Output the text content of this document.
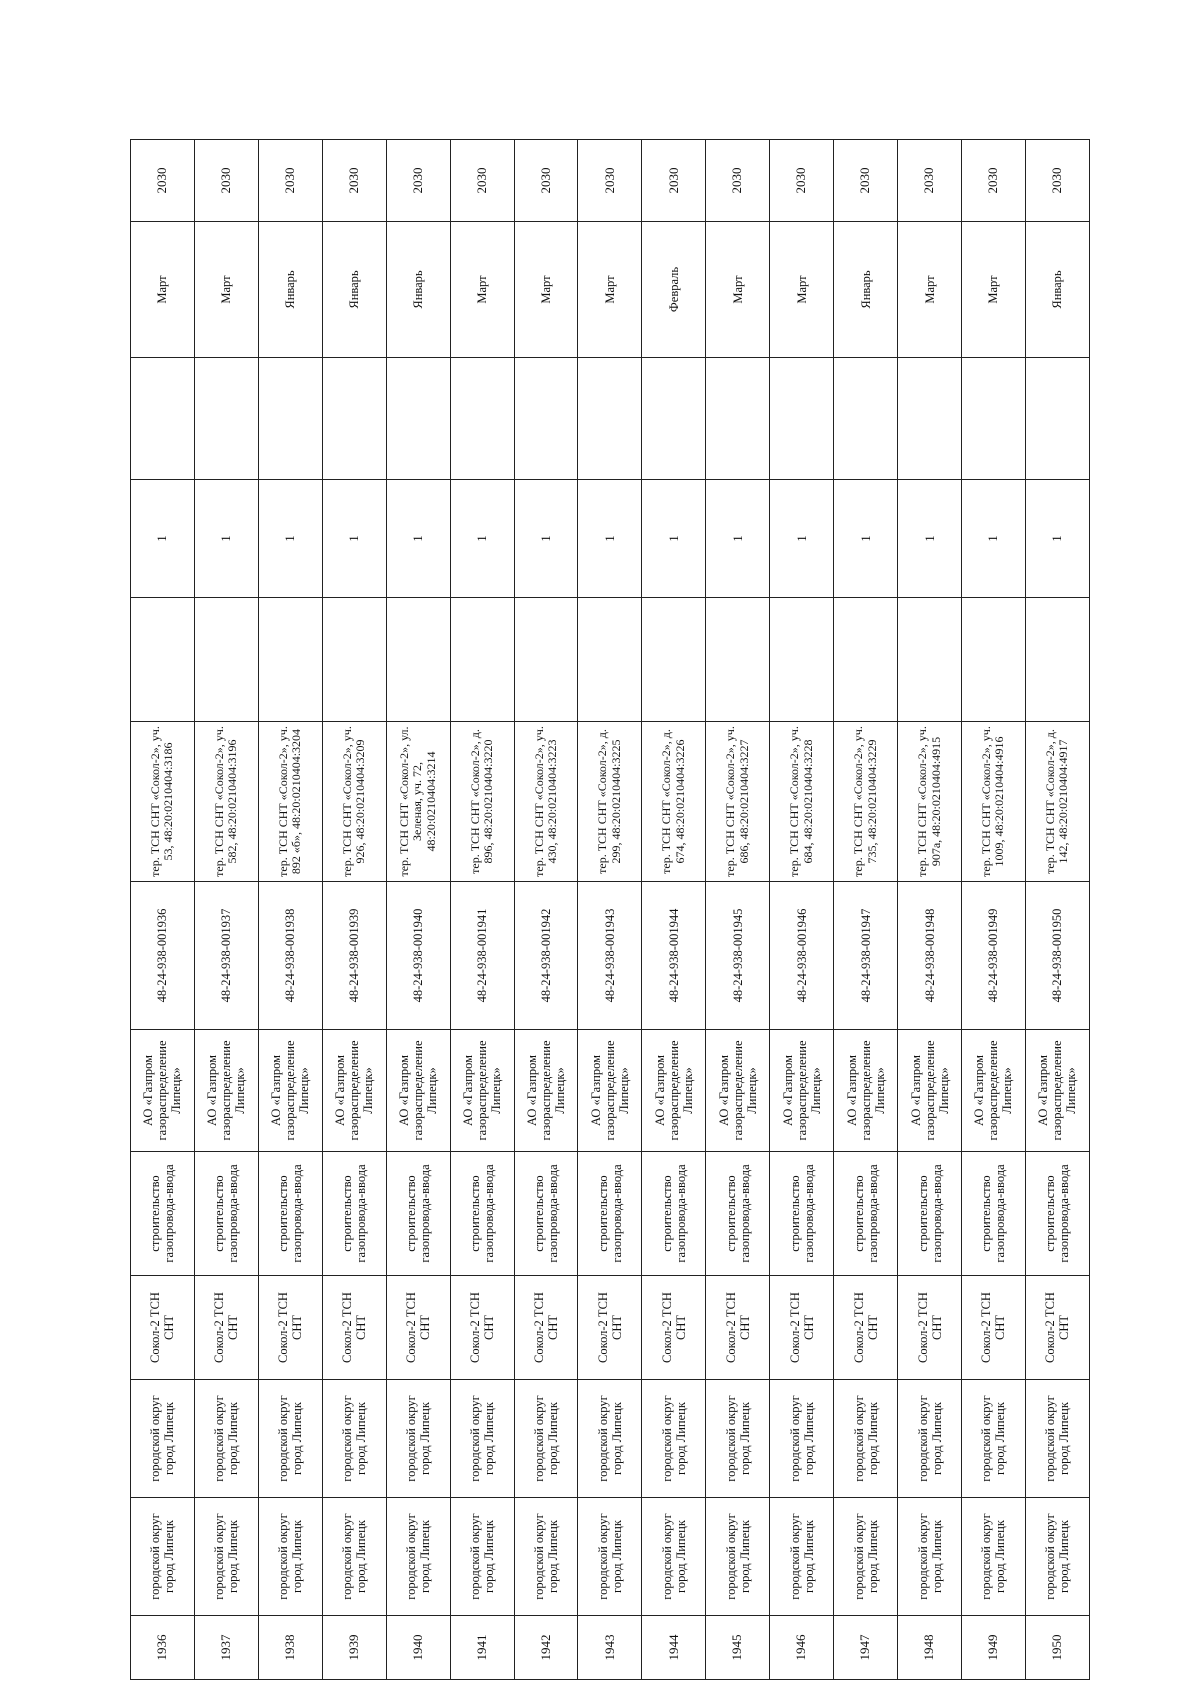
1936	городской округ город Липецк	городской округ город Липецк	Сокол-2 ТСН СНТ	строительство газопровода-ввода	АО «Газпром газораспределение Липецк»	48-24-938-001936	тер. ТСН СНТ «Сокол-2», уч. 53, 48:20:0210404:3186		1		Март	2030
1937	городской округ город Липецк	городской округ город Липецк	Сокол-2 ТСН СНТ	строительство газопровода-ввода	АО «Газпром газораспределение Липецк»	48-24-938-001937	тер. ТСН СНТ «Сокол-2», уч. 582, 48:20:0210404:3196		1		Март	2030
1938	городской округ город Липецк	городской округ город Липецк	Сокол-2 ТСН СНТ	строительство газопровода-ввода	АО «Газпром газораспределение Липецк»	48-24-938-001938	тер. ТСН СНТ «Сокол-2», уч. 892 «б», 48:20:0210404:3204		1		Январь	2030
1939	городской округ город Липецк	городской округ город Липецк	Сокол-2 ТСН СНТ	строительство газопровода-ввода	АО «Газпром газораспределение Липецк»	48-24-938-001939	тер. ТСН СНТ «Сокол-2», уч. 926, 48:20:0210404:3209		1		Январь	2030
1940	городской округ город Липецк	городской округ город Липецк	Сокол-2 ТСН СНТ	строительство газопровода-ввода	АО «Газпром газораспределение Липецк»	48-24-938-001940	тер. ТСН СНТ «Сокол-2», ул. Зеленая, уч. 72, 48:20:0210404:3214		1		Январь	2030
1941	городской округ город Липецк	городской округ город Липецк	Сокол-2 ТСН СНТ	строительство газопровода-ввода	АО «Газпром газораспределение Липецк»	48-24-938-001941	тер. ТСН СНТ «Сокол-2», д. 896, 48:20:0210404:3220		1		Март	2030
1942	городской округ город Липецк	городской округ город Липецк	Сокол-2 ТСН СНТ	строительство газопровода-ввода	АО «Газпром газораспределение Липецк»	48-24-938-001942	тер. ТСН СНТ «Сокол-2», уч. 430, 48:20:0210404:3223		1		Март	2030
1943	городской округ город Липецк	городской округ город Липецк	Сокол-2 ТСН СНТ	строительство газопровода-ввода	АО «Газпром газораспределение Липецк»	48-24-938-001943	тер. ТСН СНТ «Сокол-2», д. 299, 48:20:0210404:3225		1		Март	2030
1944	городской округ город Липецк	городской округ город Липецк	Сокол-2 ТСН СНТ	строительство газопровода-ввода	АО «Газпром газораспределение Липецк»	48-24-938-001944	тер. ТСН СНТ «Сокол-2», д. 674, 48:20:0210404:3226		1		Февраль	2030
1945	городской округ город Липецк	городской округ город Липецк	Сокол-2 ТСН СНТ	строительство газопровода-ввода	АО «Газпром газораспределение Липецк»	48-24-938-001945	тер. ТСН СНТ «Сокол-2», уч. 686, 48:20:0210404:3227		1		Март	2030
1946	городской округ город Липецк	городской округ город Липецк	Сокол-2 ТСН СНТ	строительство газопровода-ввода	АО «Газпром газораспределение Липецк»	48-24-938-001946	тер. ТСН СНТ «Сокол-2», уч. 684, 48:20:0210404:3228		1		Март	2030
1947	городской округ город Липецк	городской округ город Липецк	Сокол-2 ТСН СНТ	строительство газопровода-ввода	АО «Газпром газораспределение Липецк»	48-24-938-001947	тер. ТСН СНТ «Сокол-2», уч. 735, 48:20:0210404:3229		1		Январь	2030
1948	городской округ город Липецк	городской округ город Липецк	Сокол-2 ТСН СНТ	строительство газопровода-ввода	АО «Газпром газораспределение Липецк»	48-24-938-001948	тер. ТСН СНТ «Сокол-2», уч. 907а, 48:20:0210404:4915		1		Март	2030
1949	городской округ город Липецк	городской округ город Липецк	Сокол-2 ТСН СНТ	строительство газопровода-ввода	АО «Газпром газораспределение Липецк»	48-24-938-001949	тер. ТСН СНТ «Сокол-2», уч. 1009, 48:20:0210404:4916		1		Март	2030
1950	городской округ город Липецк	городской округ город Липецк	Сокол-2 ТСН СНТ	строительство газопровода-ввода	АО «Газпром газораспределение Липецк»	48-24-938-001950	тер. ТСН СНТ «Сокол-2», д. 142, 48:20:0210404:4917		1		Январь	2030
